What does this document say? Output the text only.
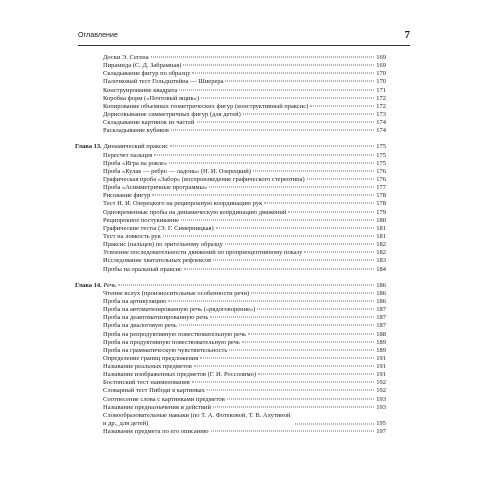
Оглавление	7
Доски Э. Сегена	169
Пирамида (С. Д. Забрамная)	169
Складывание фигур по образцу	170
Палочковый тест Гольдштейна — Шиерера	170
Конструирование квадрата	171
Коробка форм («Почтовый ящик»)	172
Копирование объемных геометрических фигур (конструктивный праксис)	172
Дорисовывание симметричных фигур (для детей)	173
Складывание картинок из частей	174
Раскладывание кубиков	174
Глава 13. Динамический праксис	175
Пересчет пальцев	175
Проба «Игра на рояле»	175
Проба «Кулак — ребро — ладонь» (Н. И. Озерецкий)	176
Графическая проба «Забор» (воспроизведение графического стереотипа)	176
Проба «Асимметричные программы»	177
Рисование фигур	178
Тест Н. И. Озерецкого на реципрокную координацию рук	178
Одновременные пробы на динамическую координацию движений	179
Реципрокное постукивание	180
Графические тесты (Э. Г. Симерницкая)	181
Тест на ловкость рук	181
Праксис (пальцев) по зрительному образцу	182
Усвоение последовательности движений по проприоцептивному показу	182
Исследование хватательных рефлексов	183
Пробы на оральный праксис	184
Глава 14. Речь	186
Чтение вслух (произносительные особенности речи)	186
Проба на артикуляцию	186
Проба на автоматизированную речь («рядоговорение»)	187
Проба на деавтоматизированную речь	187
Проба на диалоговую речь	187
Проба на репродуктивную повествовательную речь	188
Проба на продуктивную повествовательную речь	189
Проба на грамматическую чувствительность	189
Определение границ предложения	191
Называние реальных предметов	191
Называние изображенных предметов (Г. И. Россолимо)	191
Бостонский тест наименования	192
Словарный тест Пибоди в картинках	192
Соотнесение слова с картинками предметов	193
Называние предназначения и действий	193
Словообразовательные навыки (по Т. А. Фотековой, Т. В. Ахутиной и др., для детей)	195
Называние предмета по его описанию	197
